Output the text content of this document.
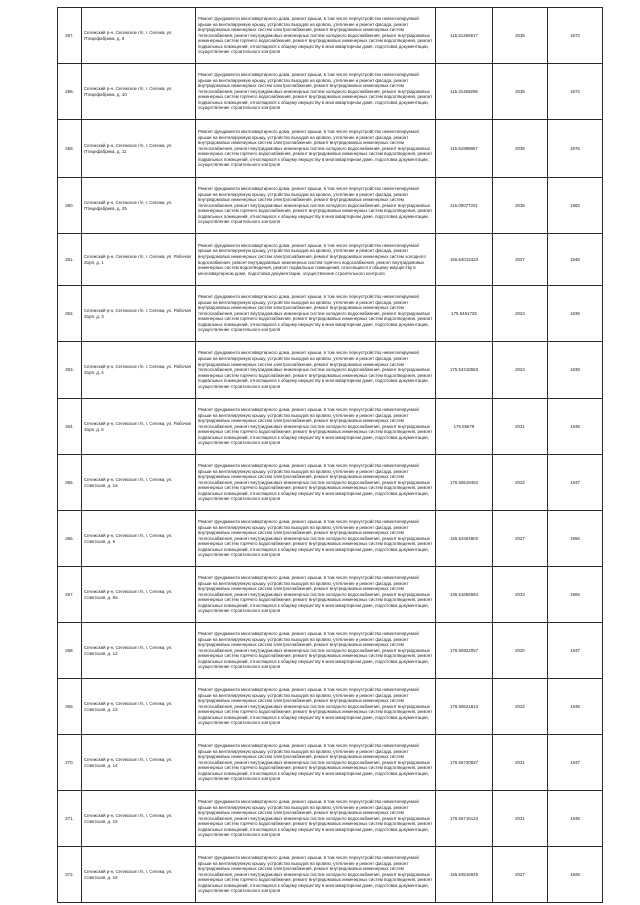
257.	Сегежский р-н, Сегежское г/п, г. Сегежа, ул. Птицефабрика, д. 9	Ремонт фундамента многоквартирного дома, ремонт крыши, в том числе переустройство невентилируемой крыши на вентилируемую крышу, устройство выходов на кровлю, утепление и ремонт фасада, ремонт внутридомовых инженерных систем электроснабжения, ремонт внутридомовых инженерных систем теплоснабжения, ремонт внутридомовых инженерных систем холодного водоснабжения, ремонт внутридомовых инженерных систем горячего водоснабжения, ремонт внутридомовых инженерных систем водоотведения, ремонт подвальных помещений, относящихся к общему имуществу в многоквартирном доме, подготовка документации, осуществление строительного контроля	115.51266917	2035	1973
258.	Сегежский р-н, Сегежское г/п, г. Сегежа, ул. Птицефабрика, д. 10	Ремонт фундамента многоквартирного дома, ремонт крыши, в том числе переустройство невентилируемой крыши на вентилируемую крышу, устройство выходов на кровлю, утепление и ремонт фасада, ремонт внутридомовых инженерных систем электроснабжения, ремонт внутридомовых инженерных систем теплоснабжения, ремонт внутридомовых инженерных систем холодного водоснабжения, ремонт внутридомовых инженерных систем горячего водоснабжения, ремонт внутридомовых инженерных систем водоотведения, ремонт подвальных помещений, относящихся к общему имуществу в многоквартирном доме, подготовка документации, осуществление строительного контроля	115.31469266	2035	1974
259.	Сегежский р-н, Сегежское г/п, г. Сегежа, ул. Птицефабрика, д. 11	Ремонт фундамента многоквартирного дома, ремонт крыши, в том числе переустройство невентилируемой крыши на вентилируемую крышу, устройство выходов на кровлю, утепление и ремонт фасада, ремонт внутридомовых инженерных систем электроснабжения, ремонт внутридомовых инженерных систем теплоснабжения, ремонт внутридомовых инженерных систем холодного водоснабжения, ремонт внутридомовых инженерных систем горячего водоснабжения, ремонт внутридомовых инженерных систем водоотведения, ремонт подвальных помещений, относящихся к общему имуществу в многоквартирном доме, подготовка документации, осуществление строительного контроля	115.51998867	2035	1976
260.	Сегежский р-н, Сегежское г/п, г. Сегежа, ул. Птицефабрика, д. 25	Ремонт фундамента многоквартирного дома, ремонт крыши, в том числе переустройство невентилируемой крыши на вентилируемую крышу, устройство выходов на кровлю, утепление и ремонт фасада, ремонт внутридомовых инженерных систем электроснабжения, ремонт внутридомовых инженерных систем теплоснабжения, ремонт внутридомовых инженерных систем холодного водоснабжения, ремонт внутридомовых инженерных систем горячего водоснабжения, ремонт внутридомовых инженерных систем водоотведения, ремонт подвальных помещений, относящихся к общему имуществу в многоквартирном доме, подготовка документации, осуществление строительного контроля	115.00077201	2038	1983
261.	Сегежский р-н, Сегежское г/п, г. Сегежа, ул. Рабочая Зоря, д. 1	Ремонт фундамента многоквартирного дома, ремонт крыши, в том числе переустройство невентилируемой крыши на вентилируемую крышу, устройство выходов на кровлю, утепление и ремонт фасада, ремонт внутридомовых инженерных систем электроснабжения, ремонт внутридомовых инженерных систем холодного водоснабжения, ремонт внутридомовых инженерных систем горячего водоснабжения, ремонт внутридомовых инженерных систем водоотведения, ремонт подвальных помещений, относящихся к общему имуществу в многоквартирном доме, подготовка документации, осуществление строительного контроля	155.54013423	2027	1948
262.	Сегежский р-н, Сегежское г/п, г. Сегежа, ул. Рабочая Зоря, д. 3	Ремонт фундамента многоквартирного дома, ремонт крыши, в том числе переустройство невентилируемой крыши на вентилируемую крышу, устройство выходов на кровлю, утепление и ремонт фасада, ремонт внутридомовых инженерных систем электроснабжения, ремонт внутридомовых инженерных систем теплоснабжения, ремонт внутридомовых инженерных систем холодного водоснабжения, ремонт внутридомовых инженерных систем горячего водоснабжения, ремонт внутридомовых инженерных систем водоотведения, ремонт подвальных помещений, относящихся к общему имуществу в многоквартирном доме, подготовка документации, осуществление строительного контроля	175.5461725	2024	1939
263.	Сегежский р-н, Сегежское г/п, г. Сегежа, ул. Рабочая Зоря, д. 4	Ремонт фундамента многоквартирного дома, ремонт крыши, в том числе переустройство невентилируемой крыши на вентилируемую крышу, устройство выходов на кровлю, утепление и ремонт фасада, ремонт внутридомовых инженерных систем электроснабжения, ремонт внутридомовых инженерных систем теплоснабжения, ремонт внутридомовых инженерных систем холодного водоснабжения, ремонт внутридомовых инженерных систем горячего водоснабжения, ремонт внутридомовых инженерных систем водоотведения, ремонт подвальных помещений, относящихся к общему имуществу в многоквартирном доме, подготовка документации, осуществление строительного контроля	175.54218583	2024	1938
264.	Сегежский р-н, Сегежское г/п, г. Сегежа, ул. Рабочая Зоря, д. 5	Ремонт фундамента многоквартирного дома, ремонт крыши, в том числе переустройство невентилируемой крыши на вентилируемую крышу, устройство выходов на кровлю, утепление и ремонт фасада, ремонт внутридомовых инженерных систем электроснабжения, ремонт внутридомовых инженерных систем теплоснабжения, ремонт внутридомовых инженерных систем холодного водоснабжения, ремонт внутридомовых инженерных систем горячего водоснабжения, ремонт внутридомовых инженерных систем водоотведения, ремонт подвальных помещений, относящихся к общему имуществу в многоквартирном доме, подготовка документации, осуществление строительного контроля	175.55679	2021	1938
265.	Сегежский р-н, Сегежское г/п, г. Сегежа, ул. Советская, д. 1а	Ремонт фундамента многоквартирного дома, ремонт крыши, в том числе переустройство невентилируемой крыши на вентилируемую крышу, устройство выходов на кровлю, утепление и ремонт фасада, ремонт внутридомовых инженерных систем электроснабжения, ремонт внутридомовых инженерных систем теплоснабжения, ремонт внутридомовых инженерных систем холодного водоснабжения, ремонт внутридомовых инженерных систем горячего водоснабжения, ремонт внутридомовых инженерных систем водоотведения, ремонт подвальных помещений, относящихся к общему имуществу в многоквартирном доме, подготовка документации, осуществление строительного контроля	175.55519452	2022	1937
266.	Сегежский р-н, Сегежское г/п, г. Сегежа, ул. Советская, д. 6	Ремонт фундамента многоквартирного дома, ремонт крыши, в том числе переустройство невентилируемой крыши на вентилируемую крышу, устройство выходов на кровлю, утепление и ремонт фасада, ремонт внутридомовых инженерных систем электроснабжения, ремонт внутридомовых инженерных систем теплоснабжения, ремонт внутридомовых инженерных систем холодного водоснабжения, ремонт внутридомовых инженерных систем горячего водоснабжения, ремонт внутридомовых инженерных систем водоотведения, ремонт подвальных помещений, относящихся к общему имуществу в многоквартирном доме, подготовка документации, осуществление строительного контроля	155.53464802	2027	1956
267.	Сегежский р-н, Сегежское г/п, г. Сегежа, ул. Советская, д. 8а	Ремонт фундамента многоквартирного дома, ремонт крыши, в том числе переустройство невентилируемой крыши на вентилируемую крышу, устройство выходов на кровлю, утепление и ремонт фасада, ремонт внутридомовых инженерных систем электроснабжения, ремонт внутридомовых инженерных систем теплоснабжения, ремонт внутридомовых инженерных систем холодного водоснабжения, ремонт внутридомовых инженерных систем горячего водоснабжения, ремонт внутридомовых инженерных систем водоотведения, ремонт подвальных помещений, относящихся к общему имуществу в многоквартирном доме, подготовка документации, осуществление строительного контроля	135.51695584	2033	1965
268.	Сегежский р-н, Сегежское г/п, г. Сегежа, ул. Советская, д. 12	Ремонт фундамента многоквартирного дома, ремонт крыши, в том числе переустройство невентилируемой крыши на вентилируемую крышу, устройство выходов на кровлю, утепление и ремонт фасада, ремонт внутридомовых инженерных систем электроснабжения, ремонт внутридомовых инженерных систем теплоснабжения, ремонт внутридомовых инженерных систем холодного водоснабжения, ремонт внутридомовых инженерных систем горячего водоснабжения, ремонт внутридомовых инженерных систем водоотведения, ремонт подвальных помещений, относящихся к общему имуществу в многоквартирном доме, подготовка документации, осуществление строительного контроля	175.55922057	2020	1937
269.	Сегежский р-н, Сегежское г/п, г. Сегежа, ул. Советская, д. 13	Ремонт фундамента многоквартирного дома, ремонт крыши, в том числе переустройство невентилируемой крыши на вентилируемую крышу, устройство выходов на кровлю, утепление и ремонт фасада, ремонт внутридомовых инженерных систем электроснабжения, ремонт внутридомовых инженерных систем теплоснабжения, ремонт внутридомовых инженерных систем холодного водоснабжения, ремонт внутридомовых инженерных систем горячего водоснабжения, ремонт внутридомовых инженерных систем водоотведения, ремонт подвальных помещений, относящихся к общему имуществу в многоквартирном доме, подготовка документации, осуществление строительного контроля	175.55621813	2022	1938
270.	Сегежский р-н, Сегежское г/п, г. Сегежа, ул. Советская, д. 14	Ремонт фундамента многоквартирного дома, ремонт крыши, в том числе переустройство невентилируемой крыши на вентилируемую крышу, устройство выходов на кровлю, утепление и ремонт фасада, ремонт внутридомовых инженерных систем электроснабжения, ремонт внутридомовых инженерных систем теплоснабжения, ремонт внутридомовых инженерных систем холодного водоснабжения, ремонт внутридомовых инженерных систем горячего водоснабжения, ремонт внутридомовых инженерных систем водоотведения, ремонт подвальных помещений, относящихся к общему имуществу в многоквартирном доме, подготовка документации, осуществление строительного контроля	175.55720837	2021	1937
271.	Сегежский р-н, Сегежское г/п, г. Сегежа, ул. Советская, д. 15	Ремонт фундамента многоквартирного дома, ремонт крыши, в том числе переустройство невентилируемой крыши на вентилируемую крышу, устройство выходов на кровлю, утепление и ремонт фасада, ремонт внутридомовых инженерных систем электроснабжения, ремонт внутридомовых инженерных систем теплоснабжения, ремонт внутридомовых инженерных систем холодного водоснабжения, ремонт внутридомовых инженерных систем горячего водоснабжения, ремонт внутридомовых инженерных систем водоотведения, ремонт подвальных помещений, относящихся к общему имуществу в многоквартирном доме, подготовка документации, осуществление строительного контроля	175.55716123	2021	1938
272.	Сегежский р-н, Сегежское г/п, г. Сегежа, ул. Советская, д. 16	Ремонт фундамента многоквартирного дома, ремонт крыши, в том числе переустройство невентилируемой крыши на вентилируемую крышу, устройство выходов на кровлю, утепление и ремонт фасада, ремонт внутридомовых инженерных систем электроснабжения, ремонт внутридомовых инженерных систем теплоснабжения, ремонт внутридомовых инженерных систем холодного водоснабжения, ремонт внутридомовых инженерных систем горячего водоснабжения, ремонт внутридомовых инженерных систем водоотведения, ремонт подвальных помещений, относящихся к общему имуществу в многоквартирном доме, подготовка документации, осуществление строительного контроля	155.53516925	2027	1928
